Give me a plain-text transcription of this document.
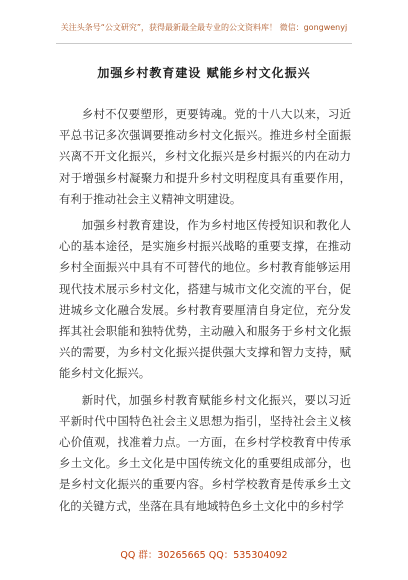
关注头条号“公文研究”，获得最新最全最专业的公文资料库！ 微信：gongwenyj
加强乡村教育建设 赋能乡村文化振兴

乡村不仅要塑形，更要铸魂。党的十八大以来，习近平总书记多次强调要推动乡村文化振兴。推进乡村全面振兴离不开文化振兴，乡村文化振兴是乡村振兴的内在动力对于增强乡村凝聚力和提升乡村文明程度具有重要作用，有利于推动社会主义精神文明建设。

加强乡村教育建设，作为乡村地区传授知识和教化人心的基本途径，是实施乡村振兴战略的重要支撑，在推动乡村全面振兴中具有不可替代的地位。乡村教育能够运用现代技术展示乡村文化，搭建与城市文化交流的平台，促进城乡文化融合发展。乡村教育要厘清自身定位，充分发挥其社会职能和独特优势，主动融入和服务于乡村文化振兴的需要，为乡村文化振兴提供强大支撑和智力支持，赋能乡村文化振兴。

新时代，加强乡村教育赋能乡村文化振兴，要以习近平新时代中国特色社会主义思想为指引，坚持社会主义核心价值观，找准着力点。一方面，在乡村学校教育中传承乡土文化。乡土文化是中国传统文化的重要组成部分，也是乡村文化振兴的重要内容。乡村学校教育是传承乡土文化的关键方式，坐落在具有地域特色乡土文化中的乡村学

QQ 群：30265665 QQ：535304092
